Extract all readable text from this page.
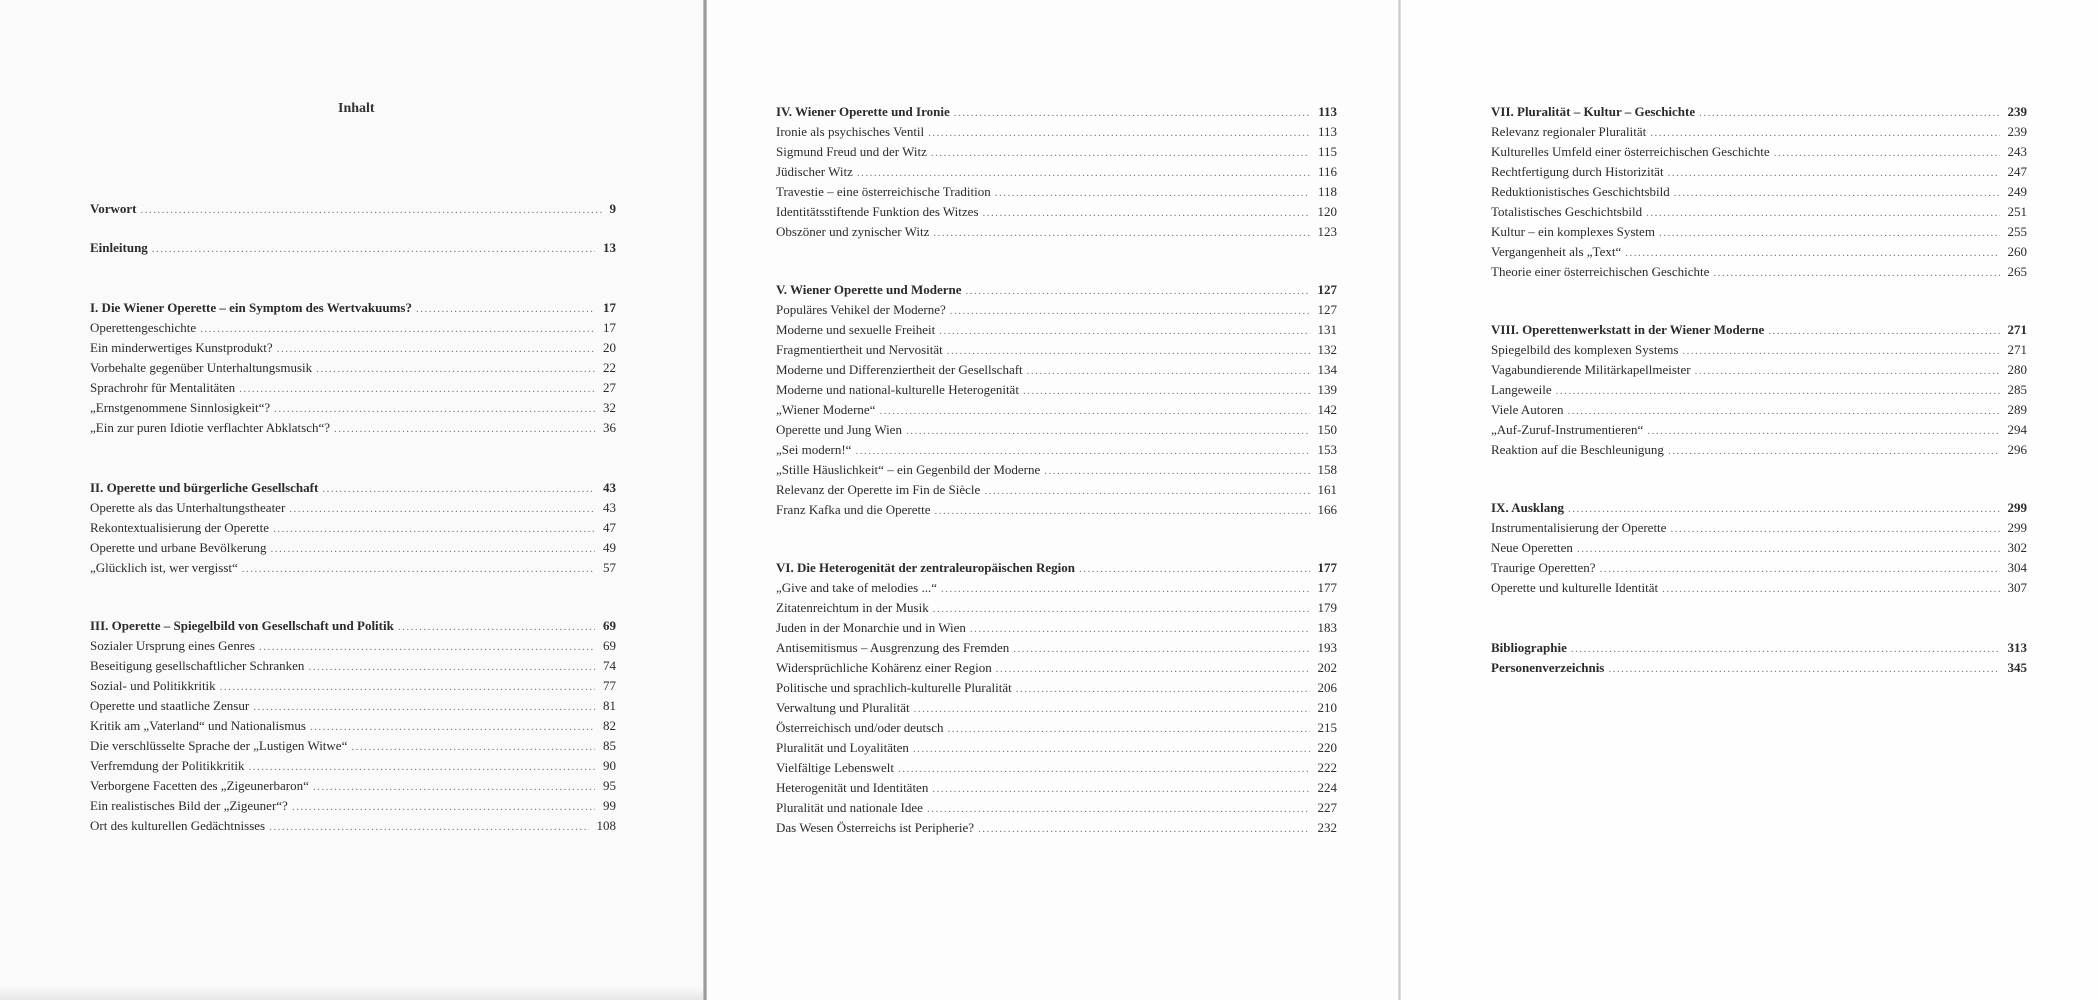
Inhalt
Vorwort .....	9
Einleitung .....	13
I. Die Wiener Operette – ein Symptom des Wertvakuums? .....	17
Operettengeschichte .....	17
Ein minderwertiges Kunstprodukt? .....	20
Vorbehalte gegenüber Unterhaltungsmusik .....	22
Sprachrohr für Mentalitäten .....	27
„Ernstgenommene Sinnlosigkeit“? .....	32
„Ein zur puren Idiotie verflachter Abklatsch“? .....	36
II. Operette und bürgerliche Gesellschaft .....	43
Operette als das Unterhaltungstheater .....	43
Rekontextualisierung der Operette .....	47
Operette und urbane Bevölkerung .....	49
„Glücklich ist, wer vergisst“ .....	57
III. Operette – Spiegelbild von Gesellschaft und Politik .....	69
Sozialer Ursprung eines Genres .....	69
Beseitigung gesellschaftlicher Schranken .....	74
Sozial- und Politikkritik .....	77
Operette und staatliche Zensur .....	81
Kritik am „Vaterland“ und Nationalismus .....	82
Die verschlüsselte Sprache der „Lustigen Witwe“ .....	85
Verfremdung der Politikkritik .....	90
Verborgene Facetten des „Zigeunerbaron“ .....	95
Ein realistisches Bild der „Zigeuner“? .....	99
Ort des kulturellen Gedächtnisses .....	108
IV. Wiener Operette und Ironie .....	113
Ironie als psychisches Ventil .....	113
Sigmund Freud und der Witz .....	115
Jüdischer Witz .....	116
Travestie – eine österreichische Tradition .....	118
Identitätsstiftende Funktion des Witzes .....	120
Obszöner und zynischer Witz .....	123
V. Wiener Operette und Moderne .....	127
Populäres Vehikel der Moderne? .....	127
Moderne und sexuelle Freiheit .....	131
Fragmentiertheit und Nervosität .....	132
Moderne und Differenziertheit der Gesellschaft .....	134
Moderne und national-kulturelle Heterogenität .....	139
„Wiener Moderne“ .....	142
Operette und Jung Wien .....	150
„Sei modern!“ .....	153
„Stille Häuslichkeit“ – ein Gegenbild der Moderne .....	158
Relevanz der Operette im Fin de Siècle .....	161
Franz Kafka und die Operette .....	166
VI. Die Heterogenität der zentraleuropäischen Region .....	177
„Give and take of melodies ...“ .....	177
Zitatenreichtum in der Musik .....	179
Juden in der Monarchie und in Wien .....	183
Antisemitismus – Ausgrenzung des Fremden .....	193
Widersprüchliche Kohärenz einer Region .....	202
Politische und sprachlich-kulturelle Pluralität .....	206
Verwaltung und Pluralität .....	210
Österreichisch und/oder deutsch .....	215
Pluralität und Loyalitäten .....	220
Vielfältige Lebenswelt .....	222
Heterogenität und Identitäten .....	224
Pluralität und nationale Idee .....	227
Das Wesen Österreichs ist Peripherie? .....	232
VII. Pluralität – Kultur – Geschichte .....	239
Relevanz regionaler Pluralität .....	239
Kulturelles Umfeld einer österreichischen Geschichte .....	243
Rechtfertigung durch Historizität .....	247
Reduktionistisches Geschichtsbild .....	249
Totalistisches Geschichtsbild .....	251
Kultur – ein komplexes System .....	255
Vergangenheit als „Text“ .....	260
Theorie einer österreichischen Geschichte .....	265
VIII. Operettenwerkstatt in der Wiener Moderne .....	271
Spiegelbild des komplexen Systems .....	271
Vagabundierende Militärkapellmeister .....	280
Langeweile .....	285
Viele Autoren .....	289
„Auf-Zuruf-Instrumentieren“ .....	294
Reaktion auf die Beschleunigung .....	296
IX. Ausklang .....	299
Instrumentalisierung der Operette .....	299
Neue Operetten .....	302
Traurige Operetten? .....	304
Operette und kulturelle Identität .....	307
Bibliographie .....	313
Personenverzeichnis .....	345
